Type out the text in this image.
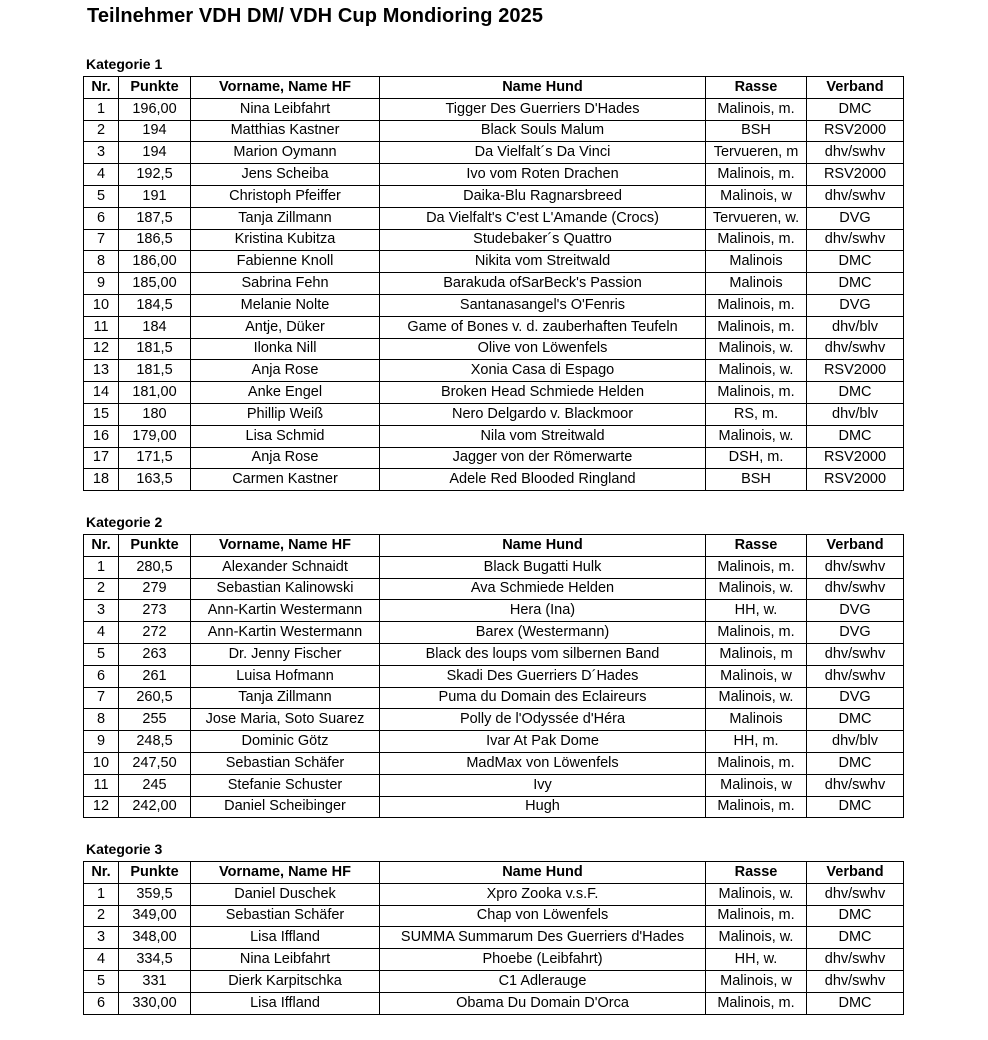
Teilnehmer VDH DM/ VDH Cup Mondioring 2025
Kategorie 1
Nr.	Punkte	Vorname, Name HF	Name Hund	Rasse	Verband
1	196,00	Nina Leibfahrt	Tigger Des Guerriers D'Hades	Malinois, m.	DMC
2	194	Matthias Kastner	Black Souls Malum	BSH	RSV2000
3	194	Marion Oymann	Da Vielfalt´s Da Vinci	Tervueren, m	dhv/swhv
4	192,5	Jens Scheiba	Ivo vom Roten Drachen	Malinois, m.	RSV2000
5	191	Christoph Pfeiffer	Daika-Blu Ragnarsbreed	Malinois, w	dhv/swhv
6	187,5	Tanja Zillmann	Da Vielfalt's C'est L'Amande (Crocs)	Tervueren, w.	DVG
7	186,5	Kristina Kubitza	Studebaker´s Quattro	Malinois, m.	dhv/swhv
8	186,00	Fabienne Knoll	Nikita vom Streitwald	Malinois	DMC
9	185,00	Sabrina Fehn	Barakuda ofSarBeck's Passion	Malinois	DMC
10	184,5	Melanie Nolte	Santanasangel's O'Fenris	Malinois, m.	DVG
11	184	Antje, Düker	Game of Bones v. d. zauberhaften Teufeln	Malinois, m.	dhv/blv
12	181,5	Ilonka Nill	Olive von Löwenfels	Malinois, w.	dhv/swhv
13	181,5	Anja Rose	Xonia Casa di Espago	Malinois, w.	RSV2000
14	181,00	Anke Engel	Broken Head Schmiede Helden	Malinois, m.	DMC
15	180	Phillip Weiß	Nero Delgardo v. Blackmoor	RS, m.	dhv/blv
16	179,00	Lisa Schmid	Nila vom Streitwald	Malinois, w.	DMC
17	171,5	Anja Rose	Jagger von der Römerwarte	DSH, m.	RSV2000
18	163,5	Carmen Kastner	Adele Red Blooded Ringland	BSH	RSV2000
Kategorie 2
Nr.	Punkte	Vorname, Name HF	Name Hund	Rasse	Verband
1	280,5	Alexander Schnaidt	Black Bugatti Hulk	Malinois, m.	dhv/swhv
2	279	Sebastian Kalinowski	Ava Schmiede Helden	Malinois, w.	dhv/swhv
3	273	Ann-Kartin Westermann	Hera (Ina)	HH, w.	DVG
4	272	Ann-Kartin Westermann	Barex (Westermann)	Malinois, m.	DVG
5	263	Dr. Jenny Fischer	Black des loups vom silbernen Band	Malinois, m	dhv/swhv
6	261	Luisa Hofmann	Skadi Des Guerriers D´Hades	Malinois, w	dhv/swhv
7	260,5	Tanja Zillmann	Puma du Domain des Eclaireurs	Malinois, w.	DVG
8	255	Jose Maria, Soto Suarez	Polly de l'Odyssée d'Héra	Malinois	DMC
9	248,5	Dominic Götz	Ivar At Pak Dome	HH, m.	dhv/blv
10	247,50	Sebastian Schäfer	MadMax von Löwenfels	Malinois, m.	DMC
11	245	Stefanie Schuster	Ivy	Malinois, w	dhv/swhv
12	242,00	Daniel Scheibinger	Hugh	Malinois, m.	DMC
Kategorie 3
Nr.	Punkte	Vorname, Name HF	Name Hund	Rasse	Verband
1	359,5	Daniel Duschek	Xpro Zooka v.s.F.	Malinois, w.	dhv/swhv
2	349,00	Sebastian Schäfer	Chap von Löwenfels	Malinois, m.	DMC
3	348,00	Lisa Iffland	SUMMA Summarum Des Guerriers d'Hades	Malinois, w.	DMC
4	334,5	Nina Leibfahrt	Phoebe (Leibfahrt)	HH, w.	dhv/swhv
5	331	Dierk Karpitschka	C1 Adlerauge	Malinois, w	dhv/swhv
6	330,00	Lisa Iffland	Obama Du Domain D'Orca	Malinois, m.	DMC
